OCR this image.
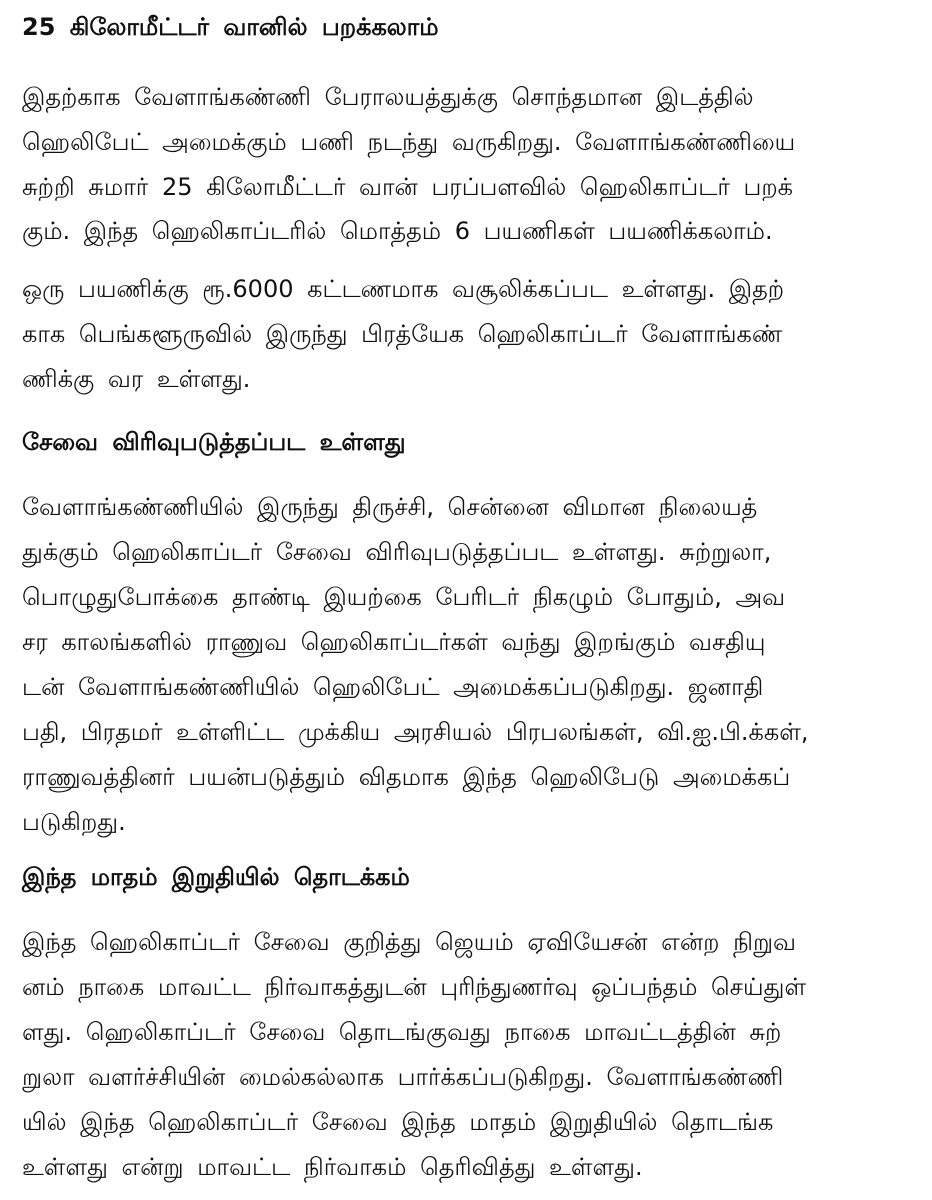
25 கிலோமீட்டர் வானில் பறக்கலாம்
இதற்காக வேளாங்கண்ணி பேராலயத்துக்கு சொந்தமான இடத்தில்
ஹெலிபேட் அமைக்கும் பணி நடந்து வருகிறது. வேளாங்கண்ணியை
சுற்றி சுமார் 25 கிலோமீட்டர் வான் பரப்பளவில் ஹெலிகாப்டர் பறக்
கும். இந்த ஹெலிகாப்டரில் மொத்தம் 6 பயணிகள் பயணிக்கலாம்.
ஒரு பயணிக்கு ரூ.6000 கட்டணமாக வசூலிக்கப்பட உள்ளது. இதற்
காக பெங்களூருவில் இருந்து பிரத்யேக ஹெலிகாப்டர் வேளாங்கண்
ணிக்கு வர உள்ளது.
சேவை விரிவுபடுத்தப்பட உள்ளது
வேளாங்கண்ணியில் இருந்து திருச்சி, சென்னை விமான நிலையத்
துக்கும் ஹெலிகாப்டர் சேவை விரிவுபடுத்தப்பட உள்ளது. சுற்றுலா,
பொழுதுபோக்கை தாண்டி இயற்கை பேரிடர் நிகழும் போதும், அவ
சர காலங்களில் ராணுவ ஹெலிகாப்டர்கள் வந்து இறங்கும் வசதியு
டன் வேளாங்கண்ணியில் ஹெலிபேட் அமைக்கப்படுகிறது. ஜனாதி
பதி, பிரதமர் உள்ளிட்ட முக்கிய அரசியல் பிரபலங்கள், வி.ஐ.பி.க்கள்,
ராணுவத்தினர் பயன்படுத்தும் விதமாக இந்த ஹெலிபேடு அமைக்கப்
படுகிறது.
இந்த மாதம் இறுதியில் தொடக்கம்
இந்த ஹெலிகாப்டர் சேவை குறித்து ஜெயம் ஏவியேசன் என்ற நிறுவ
னம் நாகை மாவட்ட நிர்வாகத்துடன் புரிந்துணர்வு ஒப்பந்தம் செய்துள்
ளது. ஹெலிகாப்டர் சேவை தொடங்குவது நாகை மாவட்டத்தின் சுற்
றுலா வளர்ச்சியின் மைல்கல்லாக பார்க்கப்படுகிறது. வேளாங்கண்ணி
யில் இந்த ஹெலிகாப்டர் சேவை இந்த மாதம் இறுதியில் தொடங்க
உள்ளது என்று மாவட்ட நிர்வாகம் தெரிவித்து உள்ளது.
